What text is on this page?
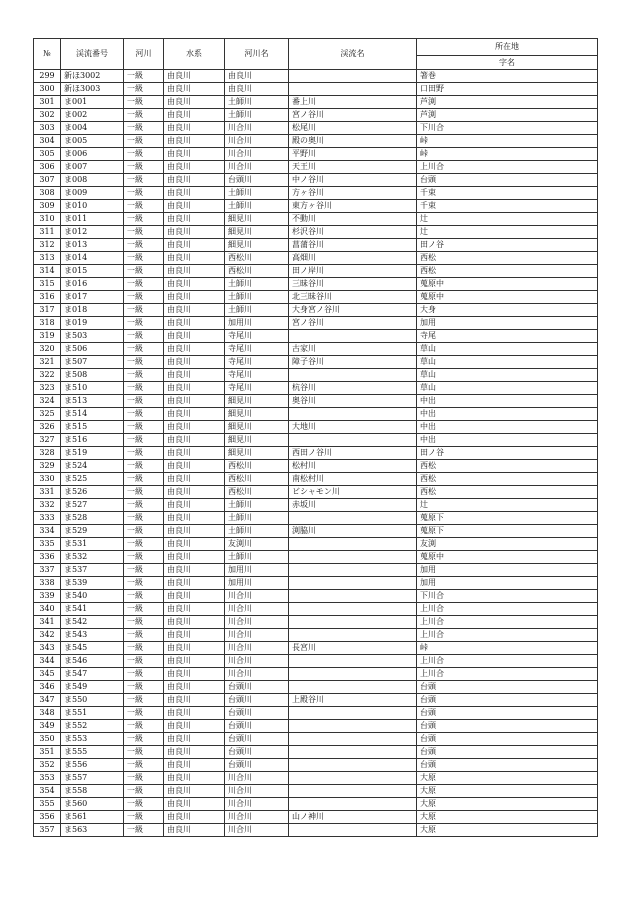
№	渓流番号	河川	水系	河川名	渓流名	所在地
						字名
299	新ほ3002	一級	由良川	由良川		箸巻
300	新ほ3003	一級	由良川	由良川		口田野
301	ま001	一級	由良川	土師川	番上川	芦渕
302	ま002	一級	由良川	土師川	宮ノ谷川	芦渕
303	ま004	一級	由良川	川合川	松尾川	下川合
304	ま005	一級	由良川	川合川	殿の奥川	峠
305	ま006	一級	由良川	川合川	平野川	峠
306	ま007	一級	由良川	川合川	天王川	上川合
307	ま008	一級	由良川	台頭川	中ノ谷川	台頭
308	ま009	一級	由良川	土師川	方ヶ谷川	千束
309	ま010	一級	由良川	土師川	東方ヶ谷川	千束
310	ま011	一級	由良川	細見川	不動川	辻
311	ま012	一級	由良川	細見川	杉沢谷川	辻
312	ま013	一級	由良川	細見川	菖蒲谷川	田ノ谷
313	ま014	一級	由良川	西松川	高畑川	西松
314	ま015	一級	由良川	西松川	田ノ岸川	西松
315	ま016	一級	由良川	土師川	三昧谷川	蒐原中
316	ま017	一級	由良川	土師川	北三昧谷川	蒐原中
317	ま018	一級	由良川	土師川	大身宮ノ谷川	大身
318	ま019	一級	由良川	加用川	宮ノ谷川	加用
319	ま503	一級	由良川	寺尾川		寺尾
320	ま506	一級	由良川	寺尾川	古家川	草山
321	ま507	一級	由良川	寺尾川	障子谷川	草山
322	ま508	一級	由良川	寺尾川		草山
323	ま510	一級	由良川	寺尾川	杭谷川	草山
324	ま513	一級	由良川	細見川	奥谷川	中出
325	ま514	一級	由良川	細見川		中出
326	ま515	一級	由良川	細見川	大地川	中出
327	ま516	一級	由良川	細見川		中出
328	ま519	一級	由良川	細見川	西田ノ谷川	田ノ谷
329	ま524	一級	由良川	西松川	松村川	西松
330	ま525	一級	由良川	西松川	南松村川	西松
331	ま526	一級	由良川	西松川	ビシャモン川	西松
332	ま527	一級	由良川	土師川	赤坂川	辻
333	ま528	一級	由良川	土師川		蒐原下
334	ま529	一級	由良川	土師川	渕脇川	蒐原下
335	ま531	一級	由良川	友渕川		友渕
336	ま532	一級	由良川	土師川		蒐原中
337	ま537	一級	由良川	加用川		加用
338	ま539	一級	由良川	加用川		加用
339	ま540	一級	由良川	川合川		下川合
340	ま541	一級	由良川	川合川		上川合
341	ま542	一級	由良川	川合川		上川合
342	ま543	一級	由良川	川合川		上川合
343	ま545	一級	由良川	川合川	長宮川	峠
344	ま546	一級	由良川	川合川		上川合
345	ま547	一級	由良川	川合川		上川合
346	ま549	一級	由良川	台頭川		台頭
347	ま550	一級	由良川	台頭川	上殿谷川	台頭
348	ま551	一級	由良川	台頭川		台頭
349	ま552	一級	由良川	台頭川		台頭
350	ま553	一級	由良川	台頭川		台頭
351	ま555	一級	由良川	台頭川		台頭
352	ま556	一級	由良川	台頭川		台頭
353	ま557	一級	由良川	川合川		大原
354	ま558	一級	由良川	川合川		大原
355	ま560	一級	由良川	川合川		大原
356	ま561	一級	由良川	川合川	山ノ神川	大原
357	ま563	一級	由良川	川合川		大原
